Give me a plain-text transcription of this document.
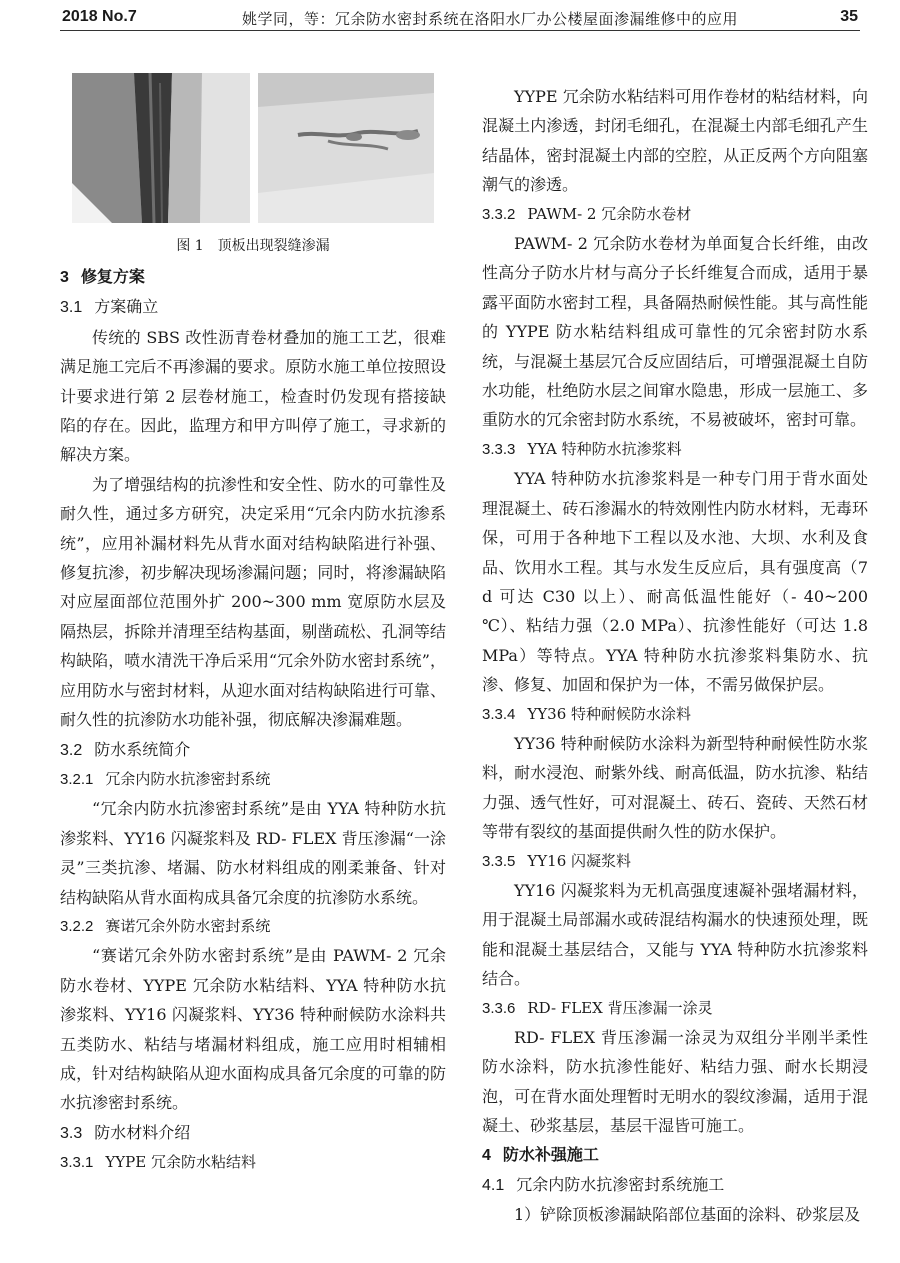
2018 No.7	姚学同，等：冗余防水密封系统在洛阳水厂办公楼屋面渗漏维修中的应用	35
图 1　顶板出现裂缝渗漏
3 修复方案
3.1 方案确立

传统的 SBS 改性沥青卷材叠加的施工工艺，很难满足施工完后不再渗漏的要求。原防水施工单位按照设计要求进行第 2 层卷材施工，检查时仍发现有搭接缺陷的存在。因此，监理方和甲方叫停了施工，寻求新的解决方案。

为了增强结构的抗渗性和安全性、防水的可靠性及耐久性，通过多方研究，决定采用“冗余内防水抗渗系统”，应用补漏材料先从背水面对结构缺陷进行补强、修复抗渗，初步解决现场渗漏问题；同时，将渗漏缺陷对应屋面部位范围外扩 200~300 mm 宽原防水层及隔热层，拆除并清理至结构基面，剔凿疏松、孔洞等结构缺陷，喷水清洗干净后采用“冗余外防水密封系统”，应用防水与密封材料，从迎水面对结构缺陷进行可靠、耐久性的抗渗防水功能补强，彻底解决渗漏难题。

3.2 防水系统简介
3.2.1 冗余内防水抗渗密封系统

“冗余内防水抗渗密封系统”是由 YYA 特种防水抗渗浆料、YY16 闪凝浆料及 RD- FLEX 背压渗漏“一涂灵”三类抗渗、堵漏、防水材料组成的刚柔兼备、针对结构缺陷从背水面构成具备冗余度的抗渗防水系统。

3.2.2 赛诺冗余外防水密封系统

“赛诺冗余外防水密封系统”是由 PAWM- 2 冗余防水卷材、YYPE 冗余防水粘结料、YYA 特种防水抗渗浆料、YY16 闪凝浆料、YY36 特种耐候防水涂料共五类防水、粘结与堵漏材料组成，施工应用时相辅相成，针对结构缺陷从迎水面构成具备冗余度的可靠的防水抗渗密封系统。

3.3 防水材料介绍
3.3.1 YYPE 冗余防水粘结料

YYPE 冗余防水粘结料可用作卷材的粘结材料，向混凝土内渗透，封闭毛细孔，在混凝土内部毛细孔产生结晶体，密封混凝土内部的空腔，从正反两个方向阻塞潮气的渗透。

3.3.2 PAWM- 2 冗余防水卷材

PAWM- 2 冗余防水卷材为单面复合长纤维，由改性高分子防水片材与高分子长纤维复合而成，适用于暴露平面防水密封工程，具备隔热耐候性能。其与高性能的 YYPE 防水粘结料组成可靠性的冗余密封防水系统，与混凝土基层冗合反应固结后，可增强混凝土自防水功能，杜绝防水层之间窜水隐患，形成一层施工、多重防水的冗余密封防水系统，不易被破坏，密封可靠。

3.3.3 YYA 特种防水抗渗浆料

YYA 特种防水抗渗浆料是一种专门用于背水面处理混凝土、砖石渗漏水的特效刚性内防水材料，无毒环保，可用于各种地下工程以及水池、大坝、水利及食品、饮用水工程。其与水发生反应后，具有强度高（7 d 可达 C30 以上）、耐高低温性能好（- 40~200 ℃）、粘结力强（2.0 MPa）、抗渗性能好（可达 1.8 MPa）等特点。YYA 特种防水抗渗浆料集防水、抗渗、修复、加固和保护为一体，不需另做保护层。

3.3.4 YY36 特种耐候防水涂料

YY36 特种耐候防水涂料为新型特种耐候性防水浆料，耐水浸泡、耐紫外线、耐高低温，防水抗渗、粘结力强、透气性好，可对混凝土、砖石、瓷砖、天然石材等带有裂纹的基面提供耐久性的防水保护。

3.3.5 YY16 闪凝浆料

YY16 闪凝浆料为无机高强度速凝补强堵漏材料，用于混凝土局部漏水或砖混结构漏水的快速预处理，既能和混凝土基层结合，又能与 YYA 特种防水抗渗浆料结合。

3.3.6 RD- FLEX 背压渗漏一涂灵

RD- FLEX 背压渗漏一涂灵为双组分半刚半柔性防水涂料，防水抗渗性能好、粘结力强、耐水长期浸泡，可在背水面处理暂时无明水的裂纹渗漏，适用于混凝土、砂浆基层，基层干湿皆可施工。

4 防水补强施工
4.1 冗余内防水抗渗密封系统施工

1）铲除顶板渗漏缺陷部位基面的涂料、砂浆层及
